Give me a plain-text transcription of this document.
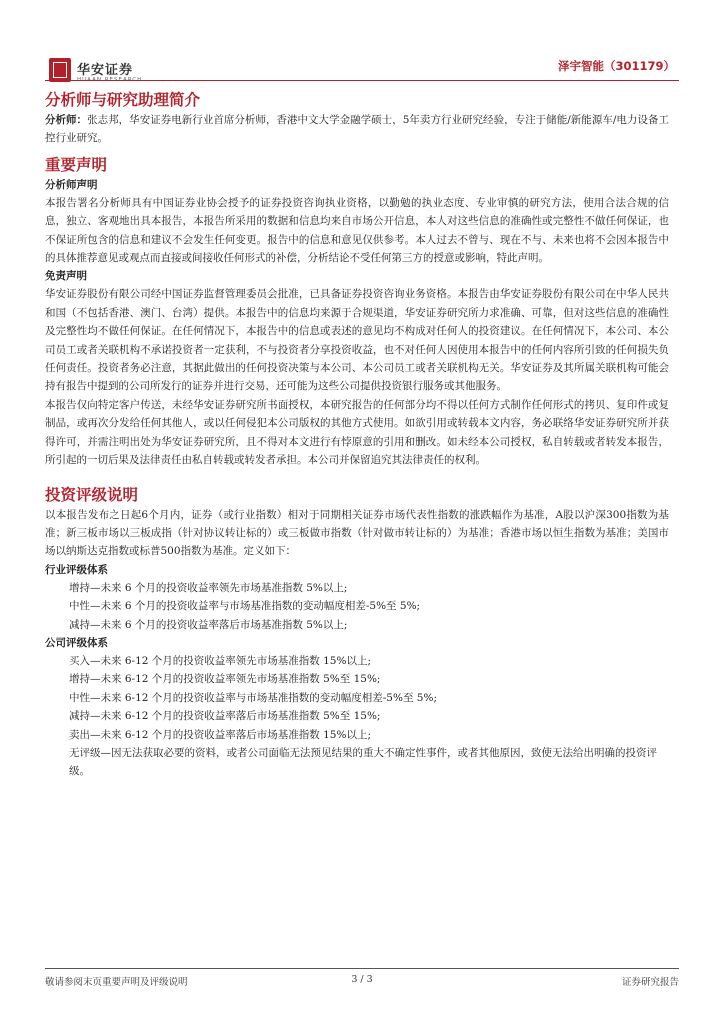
华安证券
HUAAN RESEARCH
泽宇智能（301179）
分析师与研究助理简介

分析师：张志邦，华安证券电新行业首席分析师，香港中文大学金融学硕士，5年卖方行业研究经验，专注于储能/新能源车/电力设备工控行业研究。

重要声明
分析师声明

本报告署名分析师具有中国证券业协会授予的证券投资咨询执业资格，以勤勉的执业态度、专业审慎的研究方法，使用合法合规的信息，独立、客观地出具本报告，本报告所采用的数据和信息均来自市场公开信息，本人对这些信息的准确性或完整性不做任何保证，也不保证所包含的信息和建议不会发生任何变更。报告中的信息和意见仅供参考。本人过去不曾与、现在不与、未来也将不会因本报告中的具体推荐意见或观点而直接或间接收任何形式的补偿，分析结论不受任何第三方的授意或影响，特此声明。

免责声明

华安证券股份有限公司经中国证券监督管理委员会批准，已具备证券投资咨询业务资格。本报告由华安证券股份有限公司在中华人民共和国（不包括香港、澳门、台湾）提供。本报告中的信息均来源于合规渠道，华安证券研究所力求准确、可靠，但对这些信息的准确性及完整性均不做任何保证。在任何情况下，本报告中的信息或表述的意见均不构成对任何人的投资建议。在任何情况下，本公司、本公司员工或者关联机构不承诺投资者一定获利，不与投资者分享投资收益，也不对任何人因使用本报告中的任何内容所引致的任何损失负任何责任。投资者务必注意，其据此做出的任何投资决策与本公司、本公司员工或者关联机构无关。华安证券及其所属关联机构可能会持有报告中提到的公司所发行的证券并进行交易，还可能为这些公司提供投资银行服务或其他服务。

本报告仅向特定客户传送，未经华安证券研究所书面授权，本研究报告的任何部分均不得以任何方式制作任何形式的拷贝、复印件或复制品，或再次分发给任何其他人，或以任何侵犯本公司版权的其他方式使用。如欲引用或转载本文内容，务必联络华安证券研究所并获得许可，并需注明出处为华安证券研究所，且不得对本文进行有悖原意的引用和删改。如未经本公司授权，私自转载或者转发本报告，所引起的一切后果及法律责任由私自转载或转发者承担。本公司并保留追究其法律责任的权利。

投资评级说明

以本报告发布之日起6个月内，证券（或行业指数）相对于同期相关证券市场代表性指数的涨跌幅作为基准，A股以沪深300指数为基准；新三板市场以三板成指（针对协议转让标的）或三板做市指数（针对做市转让标的）为基准；香港市场以恒生指数为基准；美国市场以纳斯达克指数或标普500指数为基准。定义如下：

行业评级体系
增持—未来 6 个月的投资收益率领先市场基准指数 5%以上;
中性—未来 6 个月的投资收益率与市场基准指数的变动幅度相差-5%至 5%;
减持—未来 6 个月的投资收益率落后市场基准指数 5%以上;
公司评级体系
买入—未来 6-12 个月的投资收益率领先市场基准指数 15%以上;
增持—未来 6-12 个月的投资收益率领先市场基准指数 5%至 15%;
中性—未来 6-12 个月的投资收益率与市场基准指数的变动幅度相差-5%至 5%;
减持—未来 6-12 个月的投资收益率落后市场基准指数 5%至 15%;
卖出—未来 6-12 个月的投资收益率落后市场基准指数 15%以上;
无评级—因无法获取必要的资料，或者公司面临无法预见结果的重大不确定性事件，或者其他原因，致使无法给出明确的投资评级。
敬请参阅末页重要声明及评级说明	3 / 3	证券研究报告
